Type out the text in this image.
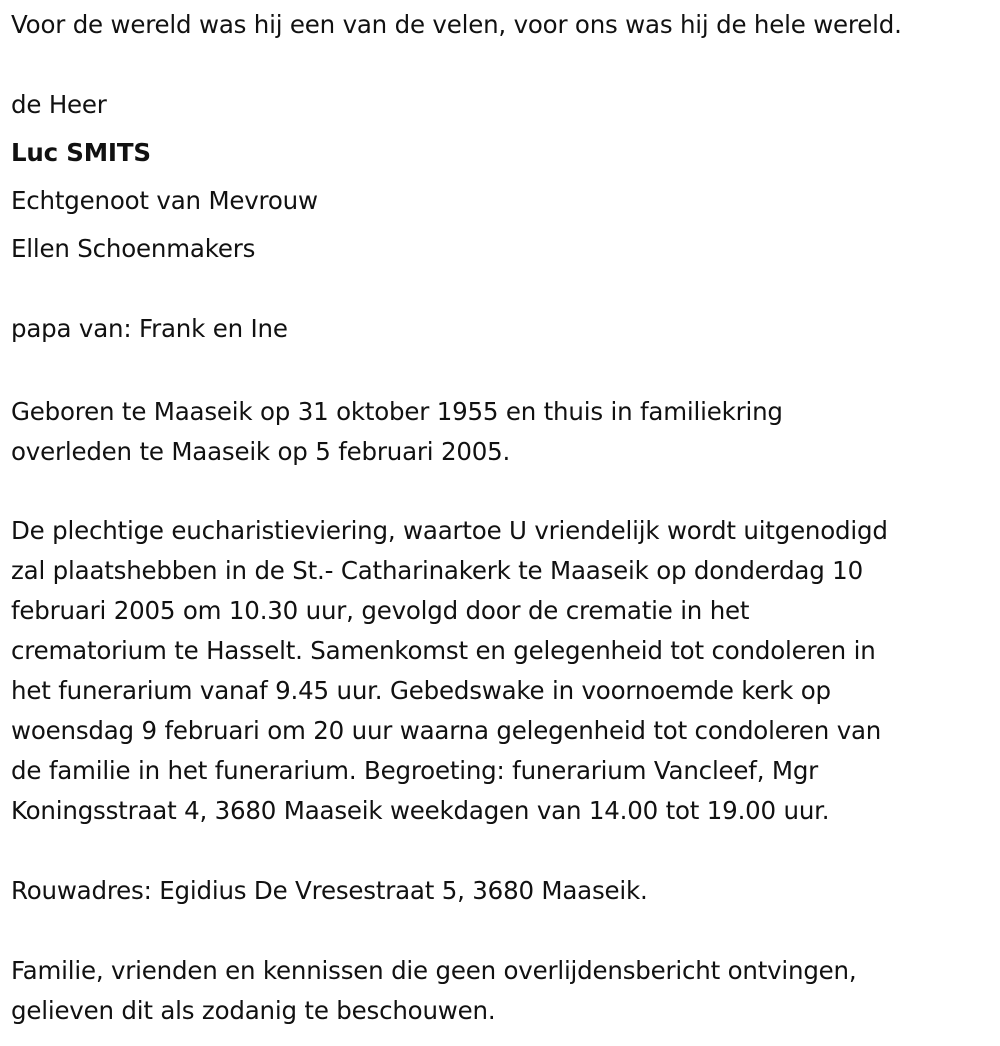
Voor de wereld was hij een van de velen, voor ons was hij de hele wereld.
de Heer
Luc SMITS
Echtgenoot van Mevrouw
Ellen Schoenmakers
papa van: Frank en Ine
Geboren te Maaseik op 31 oktober 1955 en thuis in familiekring
overleden te Maaseik op 5 februari 2005.
De plechtige eucharistieviering, waartoe U vriendelijk wordt uitgenodigd
zal plaatshebben in de St.- Catharinakerk te Maaseik op donderdag 10
februari 2005 om 10.30 uur, gevolgd door de crematie in het
crematorium te Hasselt. Samenkomst en gelegenheid tot condoleren in
het funerarium vanaf 9.45 uur. Gebedswake in voornoemde kerk op
woensdag 9 februari om 20 uur waarna gelegenheid tot condoleren van
de familie in het funerarium. Begroeting: funerarium Vancleef, Mgr
Koningsstraat 4, 3680 Maaseik weekdagen van 14.00 tot 19.00 uur.
Rouwadres: Egidius De Vresestraat 5, 3680 Maaseik.
Familie, vrienden en kennissen die geen overlijdensbericht ontvingen,
gelieven dit als zodanig te beschouwen.
